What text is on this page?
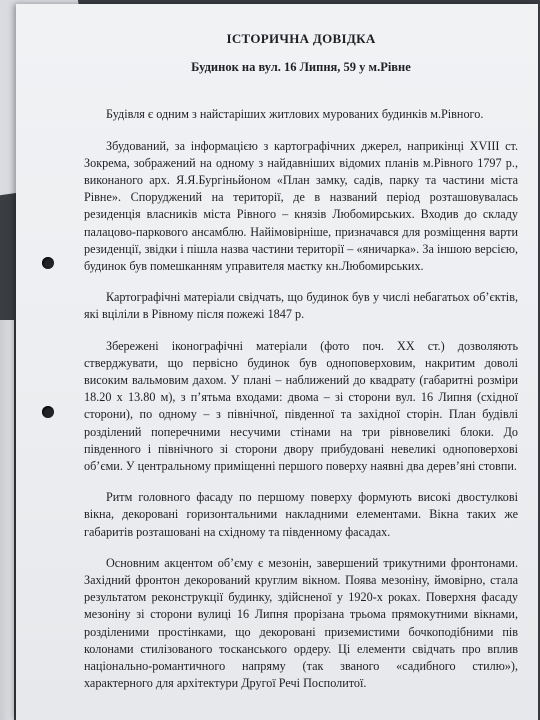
ІСТОРИЧНА ДОВІДКА
Будинок на вул. 16 Липня, 59 у м.Рівне

Будівля є одним з найстаріших житлових мурованих будинків м.Рівного.

Збудований, за інформацією з картографічних джерел, наприкінці XVIII ст. Зокрема, зображений на одному з найдавніших відомих планів м.Рівного 1797 р., виконаного арх. Я.Я.Бургіньйоном «План замку, садів, парку та частини міста Рівне». Споруджений на території, де в названий період розташовувалась резиденція власників міста Рівного – князів Любомирських. Входив до складу палацово-паркового ансамблю. Найімовірніше, призначався для розміщення варти резиденції, звідки і пішла назва частини території – «яничарка». За іншою версією, будинок був помешканням управителя маєтку кн.Любомирських.

Картографічні матеріали свідчать, що будинок був у числі небагатьох об’єктів, які вціліли в Рівному після пожежі 1847 р.

Збережені іконографічні матеріали (фото поч. XX ст.) дозволяють стверджувати, що первісно будинок був одноповерховим, накритим доволі високим вальмовим дахом. У плані – наближений до квадрату (габаритні розміри 18.20 x 13.80 м), з п’ятьма входами: двома – зі сторони вул. 16 Липня (східної сторони), по одному – з північної, південної та західної сторін. План будівлі розділений поперечними несучими стінами на три рівновеликі блоки. До південного і північного зі сторони двору прибудовані невеликі одноповерхові об’єми. У центральному приміщенні першого поверху наявні два дерев’яні стовпи.

Ритм головного фасаду по першому поверху формують високі двостулкові вікна, декоровані горизонтальними накладними елементами. Вікна таких же габаритів розташовані на східному та південному фасадах.

Основним акцентом об’єму є мезонін, завершений трикутними фронтонами. Західний фронтон декорований круглим вікном. Поява мезоніну, ймовірно, стала результатом реконструкції будинку, здійсненої у 1920-х роках. Поверхня фасаду мезоніну зі сторони вулиці 16 Липня прорізана трьома прямокутними вікнами, розділеними простінками, що декоровані приземистими бочкоподібними пів колонами стилізованого тосканського ордеру. Ці елементи свідчать про вплив національно-романтичного напряму (так званого «садибного стилю»), характерного для архітектури Другої Речі Посполитої.
